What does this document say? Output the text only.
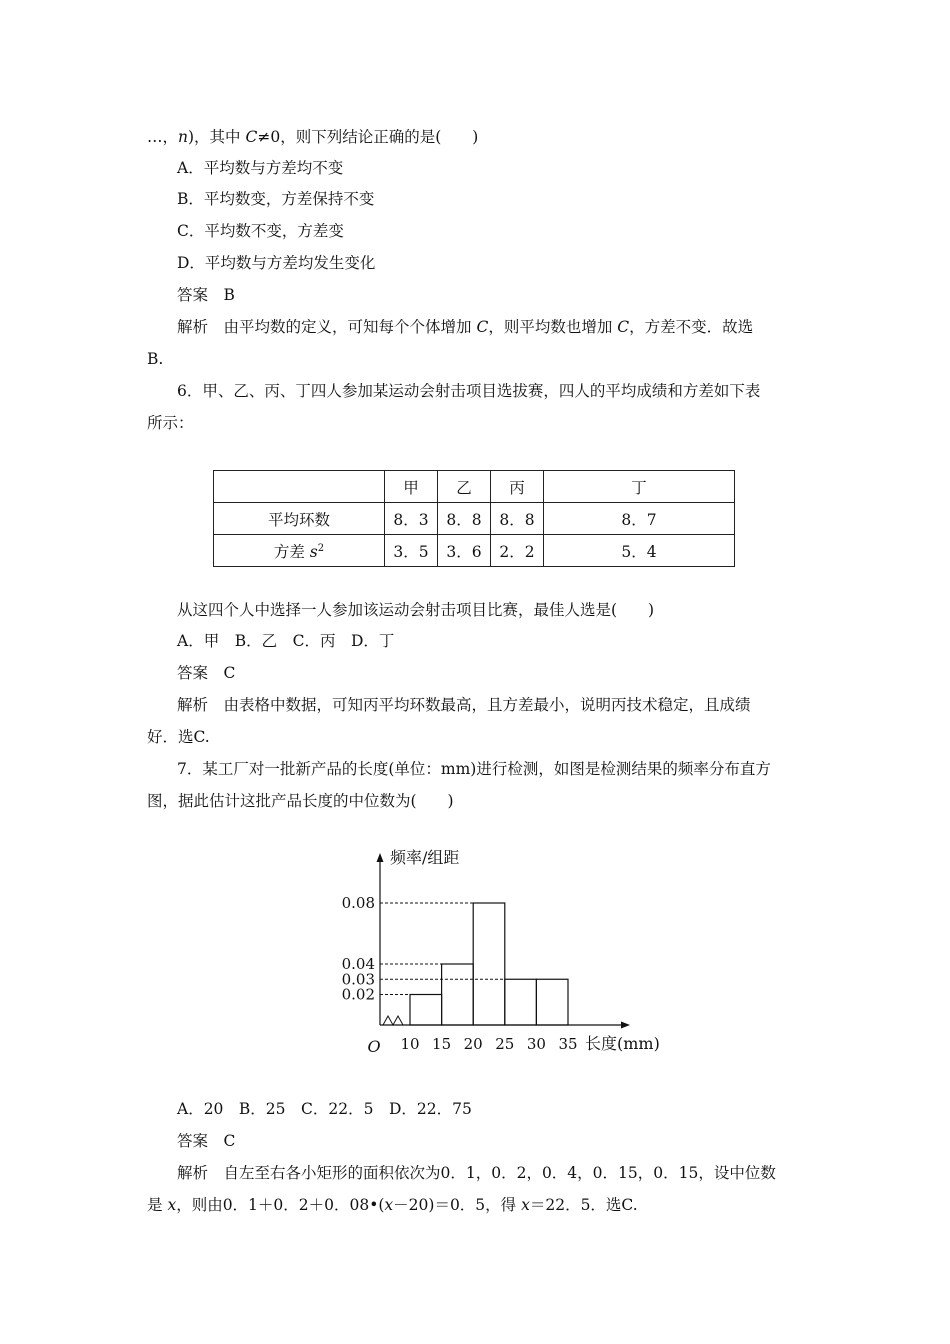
…，n)，其中 C≠0，则下列结论正确的是(　　)
A．平均数与方差均不变
B．平均数变，方差保持不变
C．平均数不变，方差变
D．平均数与方差均发生变化
答案　B
解析　由平均数的定义，可知每个个体增加 C，则平均数也增加 C，方差不变．故选
B.
6．甲、乙、丙、丁四人参加某运动会射击项目选拔赛，四人的平均成绩和方差如下表
所示：
	甲	乙	丙	丁
平均环数	8．3	8．8	8．8	8．7
方差 $s^2$	3．5	3．6	2．2	5．4
从这四个人中选择一人参加该运动会射击项目比赛，最佳人选是(　　)
A．甲　B．乙　C．丙　D．丁
答案　C
解析　由表格中数据，可知丙平均环数最高，且方差最小，说明丙技术稳定，且成绩
好．选C.
7．某工厂对一批新产品的长度(单位：mm)进行检测，如图是检测结果的频率分布直方
图，据此估计这批产品长度的中位数为(　　)
0.08
0.04
0.03
0.02
10 15 20 25 30 35
O
频率/组距
长度(mm)
A．20　B．25　C．22．5　D．22．75
答案　C
解析　自左至右各小矩形的面积依次为0．1，0．2，0．4，0．15，0．15，设中位数
是 x，则由0．1＋0．2＋0．08•(x－20)＝0．5，得 x＝22．5．选C.
